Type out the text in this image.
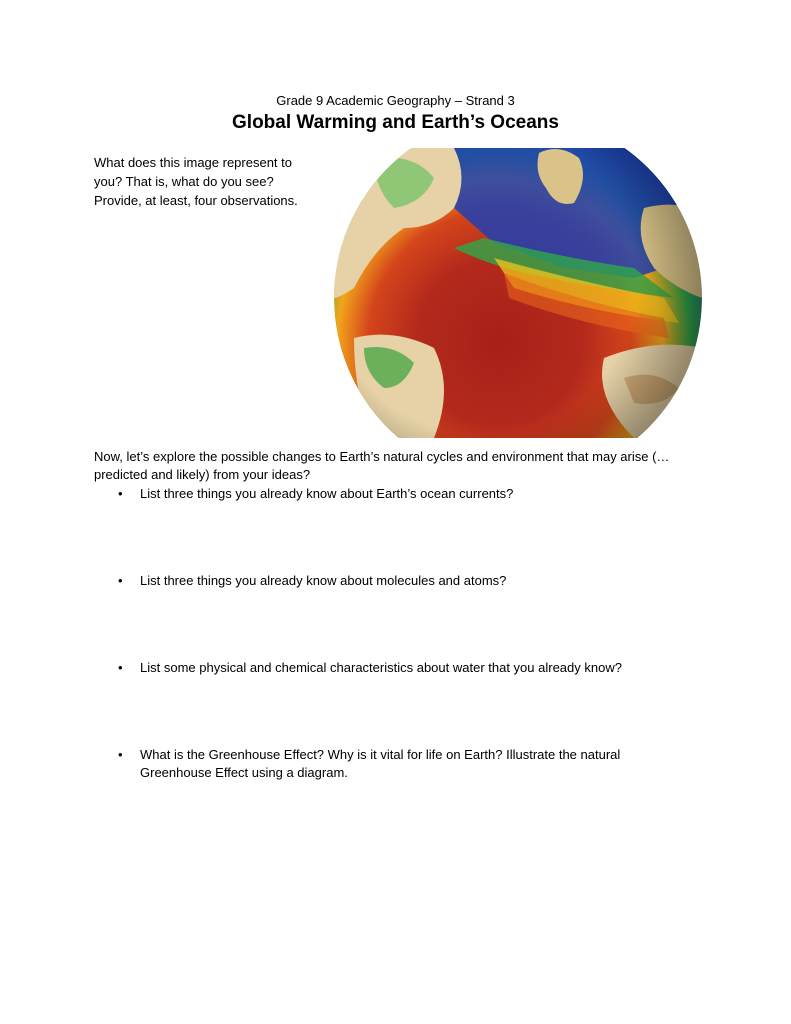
Grade 9 Academic Geography – Strand 3
Global Warming and Earth’s Oceans
What does this image represent to you? That is, what do you see? Provide, at least, four observations.
Now, let’s explore the possible changes to Earth’s natural cycles and environment that may arise (…predicted and likely) from your ideas?
•	List three things you already know about Earth’s ocean currents?
•	List three things you already know about molecules and atoms?
•	List some physical and chemical characteristics about water that you already know?
•	What is the Greenhouse Effect? Why is it vital for life on Earth? Illustrate the natural Greenhouse Effect using a diagram.
